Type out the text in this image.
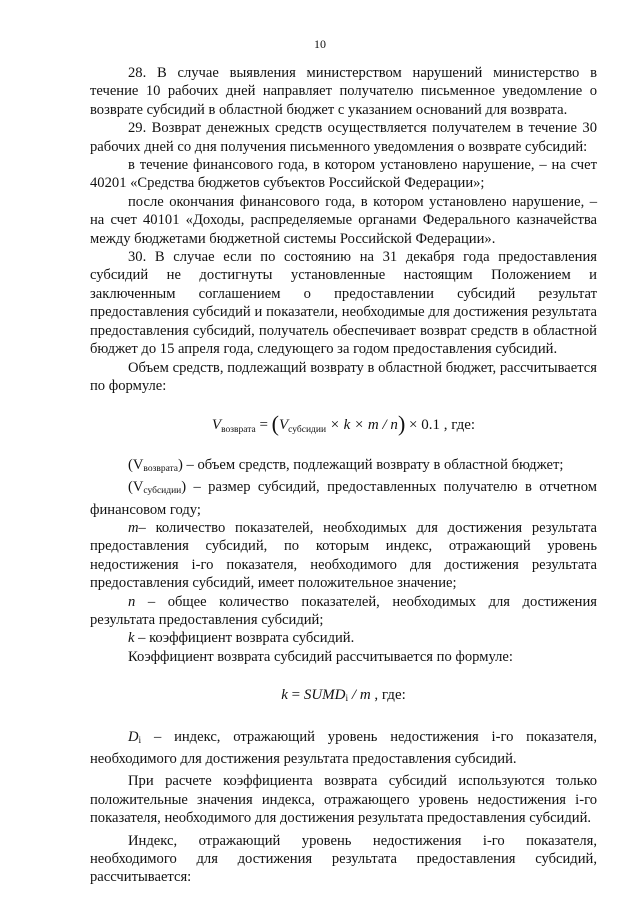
10

28. В случае выявления министерством нарушений министерство в течение 10 рабочих дней направляет получателю письменное уведомление о возврате субсидий в областной бюджет с указанием оснований для возврата.

29. Возврат денежных средств осуществляется получателем в течение 30 рабочих дней со дня получения письменного уведомления о возврате субсидий:

в течение финансового года, в котором установлено нарушение, – на счет 40201 «Средства бюджетов субъектов Российской Федерации»;

после окончания финансового года, в котором установлено нарушение, – на счет 40101 «Доходы, распределяемые органами Федерального казначейства между бюджетами бюджетной системы Российской Федерации».

30. В случае если по состоянию на 31 декабря года предоставления субсидий не достигнуты установленные настоящим Положением и заключенным соглашением о предоставлении субсидий результат предоставления субсидий и показатели, необходимые для достижения результата предоставления субсидий, получатель обеспечивает возврат средств в областной бюджет до 15 апреля года, следующего за годом предоставления субсидий.

Объем средств, подлежащий возврату в областной бюджет, рассчитывается по формуле:

$V_{возврата} = (V_{субсидии} \times k \times m / n) \times 0.1$ , где:

$(V_{возврата})$ – объем средств, подлежащий возврату в областной бюджет;

$(V_{субсидии})$ – размер субсидий, предоставленных получателю в отчетном финансовом году;

m– количество показателей, необходимых для достижения результата предоставления субсидий, по которым индекс, отражающий уровень недостижения i-го показателя, необходимого для достижения результата предоставления субсидий, имеет положительное значение;

n – общее количество показателей, необходимых для достижения результата предоставления субсидий;

k – коэффициент возврата субсидий.

Коэффициент возврата субсидий рассчитывается по формуле:

$k = SUMD_i / m$ , где:

$D_i$ – индекс, отражающий уровень недостижения i-го показателя, необходимого для достижения результата предоставления субсидий.

При расчете коэффициента возврата субсидий используются только положительные значения индекса, отражающего уровень недостижения i-го показателя, необходимого для достижения результата предоставления субсидий.

Индекс, отражающий уровень недостижения i-го показателя, необходимого для достижения результата предоставления субсидий, рассчитывается:
